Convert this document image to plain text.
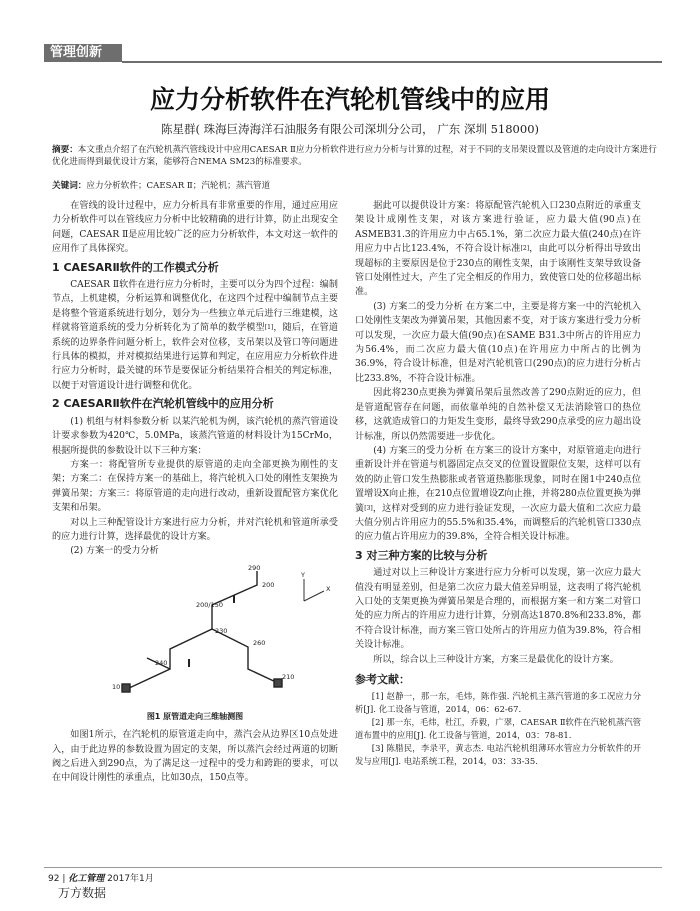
管理创新
应力分析软件在汽轮机管线中的应用
陈星群( 珠海巨涛海洋石油服务有限公司深圳分公司， 广东 深圳 518000)
摘要：本文重点介绍了在汽轮机蒸汽管线设计中应用CAESAR Ⅱ应力分析软件进行应力分析与计算的过程，对于不同的支吊架设置以及管道的走向设计方案进行优化进而得到最优设计方案，能够符合NEMA SM23的标准要求。
关键词：应力分析软件；CAESAR Ⅱ；汽轮机；蒸汽管道

在管线的设计过程中，应力分析具有非常重要的作用，通过应用应力分析软件可以在管线应力分析中比较精确的进行计算，防止出现安全问题，CAESAR Ⅱ是应用比较广泛的应力分析软件，本文对这一软件的应用作了具体探究。

1 CAESARⅡ软件的工作模式分析

CAESAR Ⅱ软件在进行应力分析时，主要可以分为四个过程：编制节点，上机建模，分析运算和调整优化，在这四个过程中编制节点主要是将整个管道系统进行划分，划分为一些独立单元后进行三维建模，这样就将管道系统的受力分析转化为了简单的数学模型[1]，随后，在管道系统的边界条件问题分析上，软件会对位移，支吊架以及管口等问题进行具体的模拟，并对模拟结果进行运算和判定，在应用应力分析软件进行应力分析时，最关键的环节是要保证分析结果符合相关的判定标准，以便于对管道设计进行调整和优化。

2 CAESARⅡ软件在汽轮机管线中的应用分析

(1) 机组与材料参数分析 以某汽轮机为例，该汽轮机的蒸汽管道设计要求参数为420℃，5.0MPa，该蒸汽管道的材料设计为15CrMo，根据所提供的参数设计以下三种方案：

方案一：将配管所专业提供的原管道的走向全部更换为刚性的支架；方案二：在保持方案一的基础上，将汽轮机入口处的刚性支架换为弹簧吊架；方案三：将原管道的走向进行改动，重新设置配管方案优化支架和吊架。

对以上三种配管设计方案进行应力分析，并对汽轮机和管道所承受的应力进行计算，选择最优的设计方案。

(2) 方案一的受力分析

290
200
260
200/150
230
240
10
210
Y
X
图1 原管道走向三维轴测图

如图1所示，在汽轮机的原管道走向中，蒸汽会从边界区10点处进入，由于此边界的参数设置为固定的支架，所以蒸汽会经过两道的切断阀之后进入到290点，为了满足这一过程中的受力和跨距的要求，可以在中间设计刚性的承重点，比如30点，150点等。

据此可以提供设计方案：将原配管汽轮机入口230点附近的承重支架设计成刚性支架，对该方案进行验证，应力最大值(90点)在ASMEB31.3的许用应力中占65.1%，第二次应力最大值(240点)在许用应力中占比123.4%，不符合设计标准[2]，由此可以分析得出导致出现超标的主要原因是位于230点的刚性支架，由于该刚性支架导致设备管口处刚性过大，产生了完全相反的作用力，致使管口处的位移超出标准。

(3) 方案二的受力分析 在方案二中，主要是将方案一中的汽轮机入口处刚性支架改为弹簧吊架，其他因素不变，对于该方案进行受力分析可以发现，一次应力最大值(90点)在SAME B31.3中所占的许用应力为56.4%，而二次应力最大值(10点)在许用应力中所占的比例为36.9%，符合设计标准，但是对汽轮机管口(290点)的应力进行分析占比233.8%，不符合设计标准。

因此将230点更换为弹簧吊架后虽然改善了290点附近的应力，但是管道配管存在问题，而依靠单纯的自然补偿又无法消除管口的热位移，这就造成管口的力矩发生变形，最终导致290点承受的应力超出设计标准，所以仍然需要进一步优化。

(4) 方案三的受力分析 在方案三的设计方案中，对原管道走向进行重新设计并在管道与机器固定点交叉的位置设置限位支架，这样可以有效的防止管口发生热膨胀或者管道热膨胀现象，同时在图1中240点位置增设X向止推，在210点位置增设Z向止推，并将280点位置更换为弹簧[3]，这样对受到的应力进行验证发现，一次应力最大值和二次应力最大值分别占许用应力的55.5%和35.4%，而调整后的汽轮机管口330点的应力值占许用应力的39.8%，全符合相关设计标准。

3 对三种方案的比较与分析

通过对以上三种设计方案进行应力分析可以发现，第一次应力最大值没有明显差别，但是第二次应力最大值差异明显，这表明了将汽轮机入口处的支架更换为弹簧吊架是合理的，而根据方案一和方案二对管口处的应力所占的许用应力进行计算，分别高达1870.8%和233.8%，都不符合设计标准，而方案三管口处所占的许用应力值为39.8%，符合相关设计标准。

所以，综合以上三种设计方案，方案三是最优化的设计方案。

参考文献：

[1] 赵静一，那一东，毛炜，陈作强. 汽轮机主蒸汽管道的多工况应力分析[J]. 化工设备与管道，2014，06：62-67.

[2] 那一东，毛炜，杜江，乔毅，广翠，CAESAR Ⅱ软件在汽轮机蒸汽管道布置中的应用[J]. 化工设备与管道，2014，03：78-81.

[3] 陈腊民，李录平，黄志杰. 电站汽轮机组薄环水管应力分析软件的开发与应用[J]. 电站系统工程，2014，03：33-35.

92 | 化工管理 2017年1月
万方数据
